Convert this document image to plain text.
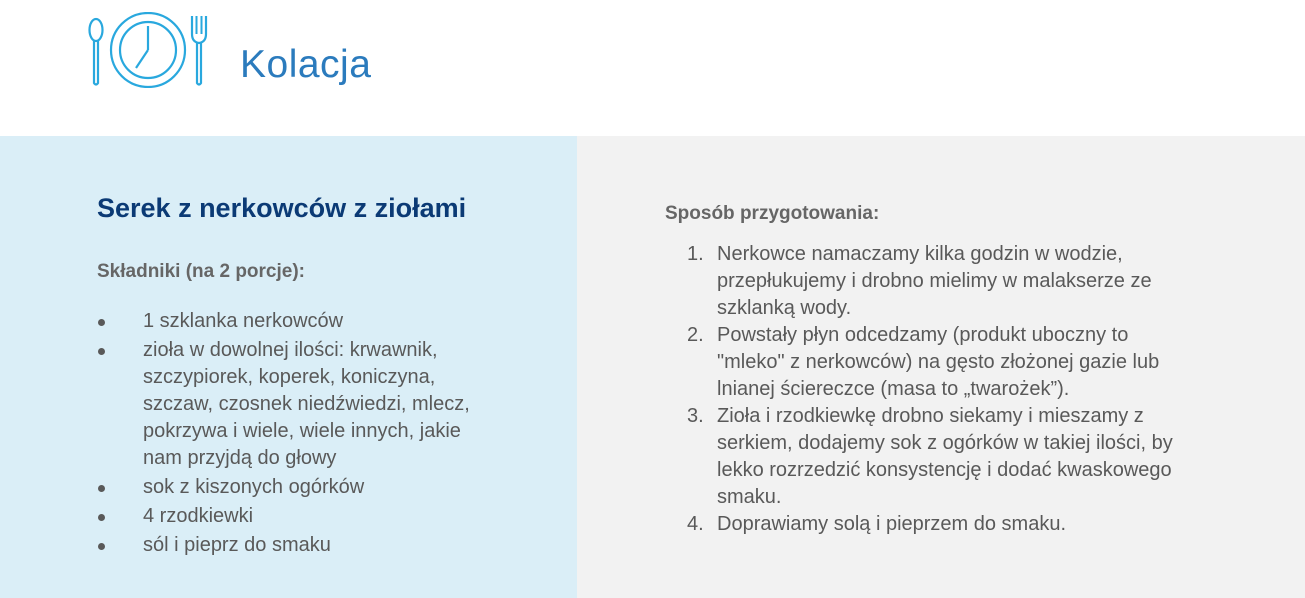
Kolacja
Serek z nerkowców z ziołami
Składniki (na 2 porcje):
1 szklanka nerkowców
zioła w dowolnej ilości: krwawnik, szczypiorek, koperek, koniczyna, szczaw, czosnek niedźwiedzi, mlecz, pokrzywa i wiele, wiele innych, jakie nam przyjdą do głowy
sok z kiszonych ogórków
4 rzodkiewki
sól i pieprz do smaku
Sposób przygotowania:
1. Nerkowce namaczamy kilka godzin w wodzie, przepłukujemy i drobno mielimy w malakserze ze szklanką wody.
2. Powstały płyn odcedzamy (produkt uboczny to "mleko" z nerkowców) na gęsto złożonej gazie lub lnianej ściereczce (masa to „twarożek”).
3. Zioła i rzodkiewkę drobno siekamy i mieszamy z serkiem, dodajemy sok z ogórków w takiej ilości, by lekko rozrzedzić konsystencję i dodać kwaskowego smaku.
4. Doprawiamy solą i pieprzem do smaku.
